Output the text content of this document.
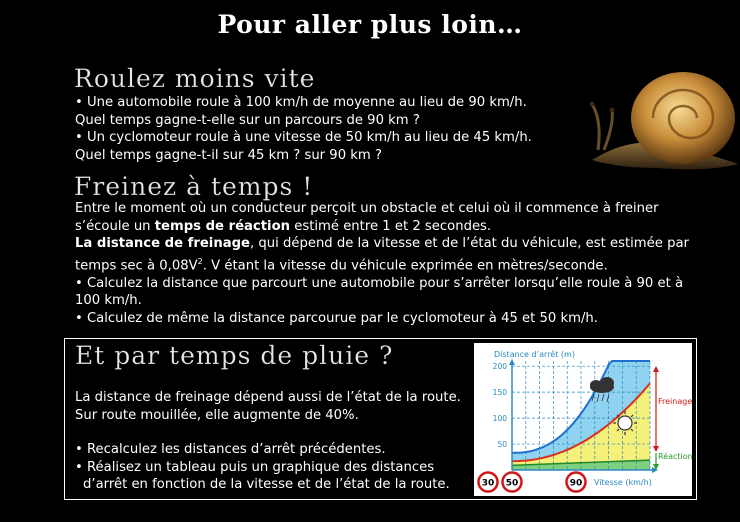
Pour aller plus loin…
Roulez moins vite
• Une automobile roule à 100 km/h de moyenne au lieu de 90 km/h.
Quel temps gagne-t-elle sur un parcours de 90 km ?
• Un cyclomoteur roule à une vitesse de 50 km/h au lieu de 45 km/h.
Quel temps gagne-t-il sur 45 km ? sur 90 km ?
Freinez à temps !
Entre le moment où un conducteur perçoit un obstacle et celui où il commence à freiner s’écoule un temps de réaction estimé entre 1 et 2 secondes.
La distance de freinage, qui dépend de la vitesse et de l’état du véhicule, est estimée par temps sec à $0,08V^2$. V étant la vitesse du véhicule exprimée en mètres/seconde.
• Calculez la distance que parcourt une automobile pour s’arrêter lorsqu’elle roule à 90 et à 100 km/h.
• Calculez de même la distance parcourue par le cyclomoteur à 45 et 50 km/h.
Et par temps de pluie ?
La distance de freinage dépend aussi de l’état de la route.
Sur route mouillée, elle augmente de 40%.
• Recalculez les distances d’arrêt précédentes.
• Réalisez un tableau puis un graphique des distances
d’arrêt en fonction de la vitesse et de l’état de la route.
50
100
150
200
Distance d’arrêt (m)
Vitesse (km/h)
Freinage
Réaction
30 50	90
